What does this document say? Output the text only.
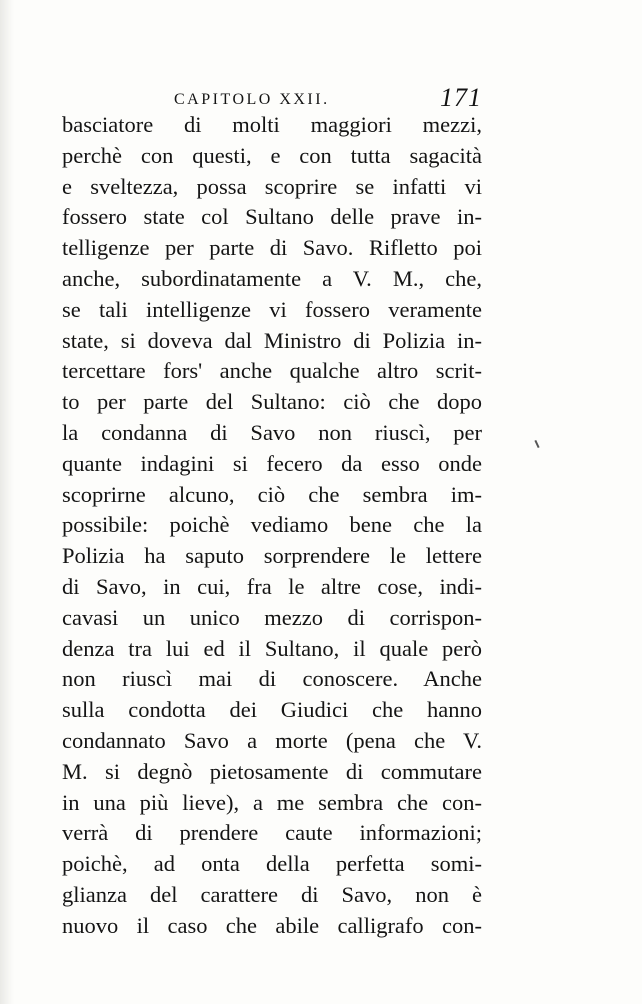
CAPITOLO XXII.	171
basciatore di molti maggiori mezzi,
perchè con questi, e con tutta sagacità
e sveltezza, possa scoprire se infatti vi
fossero state col Sultano delle prave in-
telligenze per parte di Savo. Rifletto poi
anche, subordinatamente a V. M., che,
se tali intelligenze vi fossero veramente
state, si doveva dal Ministro di Polizia in-
tercettare fors' anche qualche altro scrit-
to per parte del Sultano: ciò che dopo
la condanna di Savo non riuscì, per
quante indagini si fecero da esso onde
scoprirne alcuno, ciò che sembra im-
possibile: poichè vediamo bene che la
Polizia ha saputo sorprendere le lettere
di Savo, in cui, fra le altre cose, indi-
cavasi un unico mezzo di corrispon-
denza tra lui ed il Sultano, il quale però
non riuscì mai di conoscere. Anche
sulla condotta dei Giudici che hanno
condannato Savo a morte (pena che V.
M. si degnò pietosamente di commutare
in una più lieve), a me sembra che con-
verrà di prendere caute informazioni;
poichè, ad onta della perfetta somi-
glianza del carattere di Savo, non è
nuovo il caso che abile calligrafo con-
